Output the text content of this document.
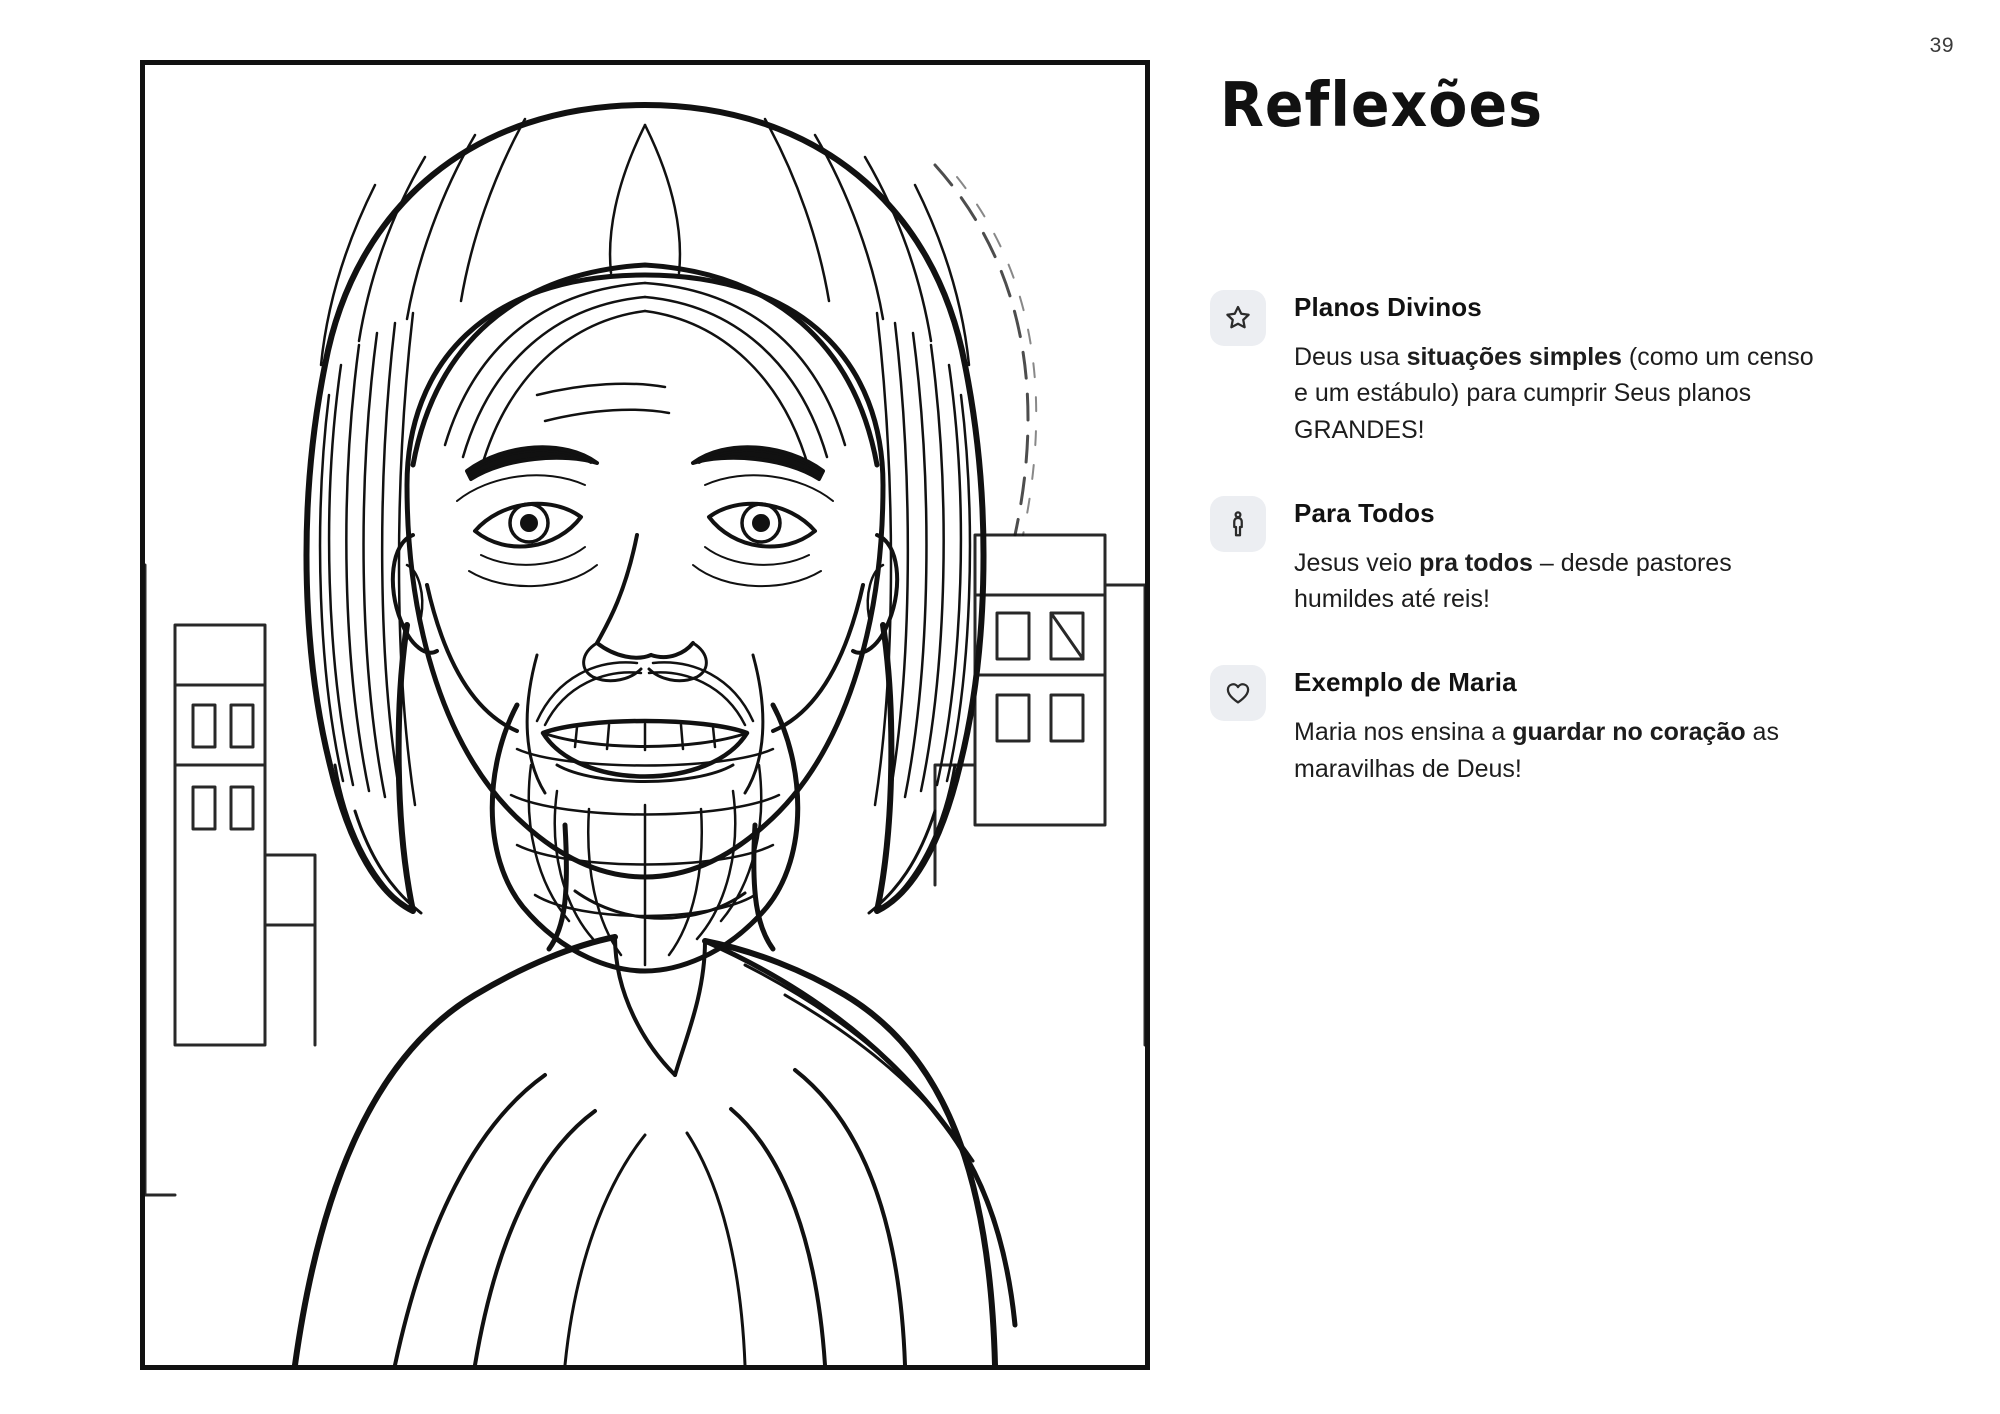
39
Reflexões
Planos Divinos

Deus usa situações simples (como um censo e um estábulo) para cumprir Seus planos GRANDES!

Para Todos

Jesus veio pra todos – desde pastores humildes até reis!

Exemplo de Maria

Maria nos ensina a guardar no coração as maravilhas de Deus!
